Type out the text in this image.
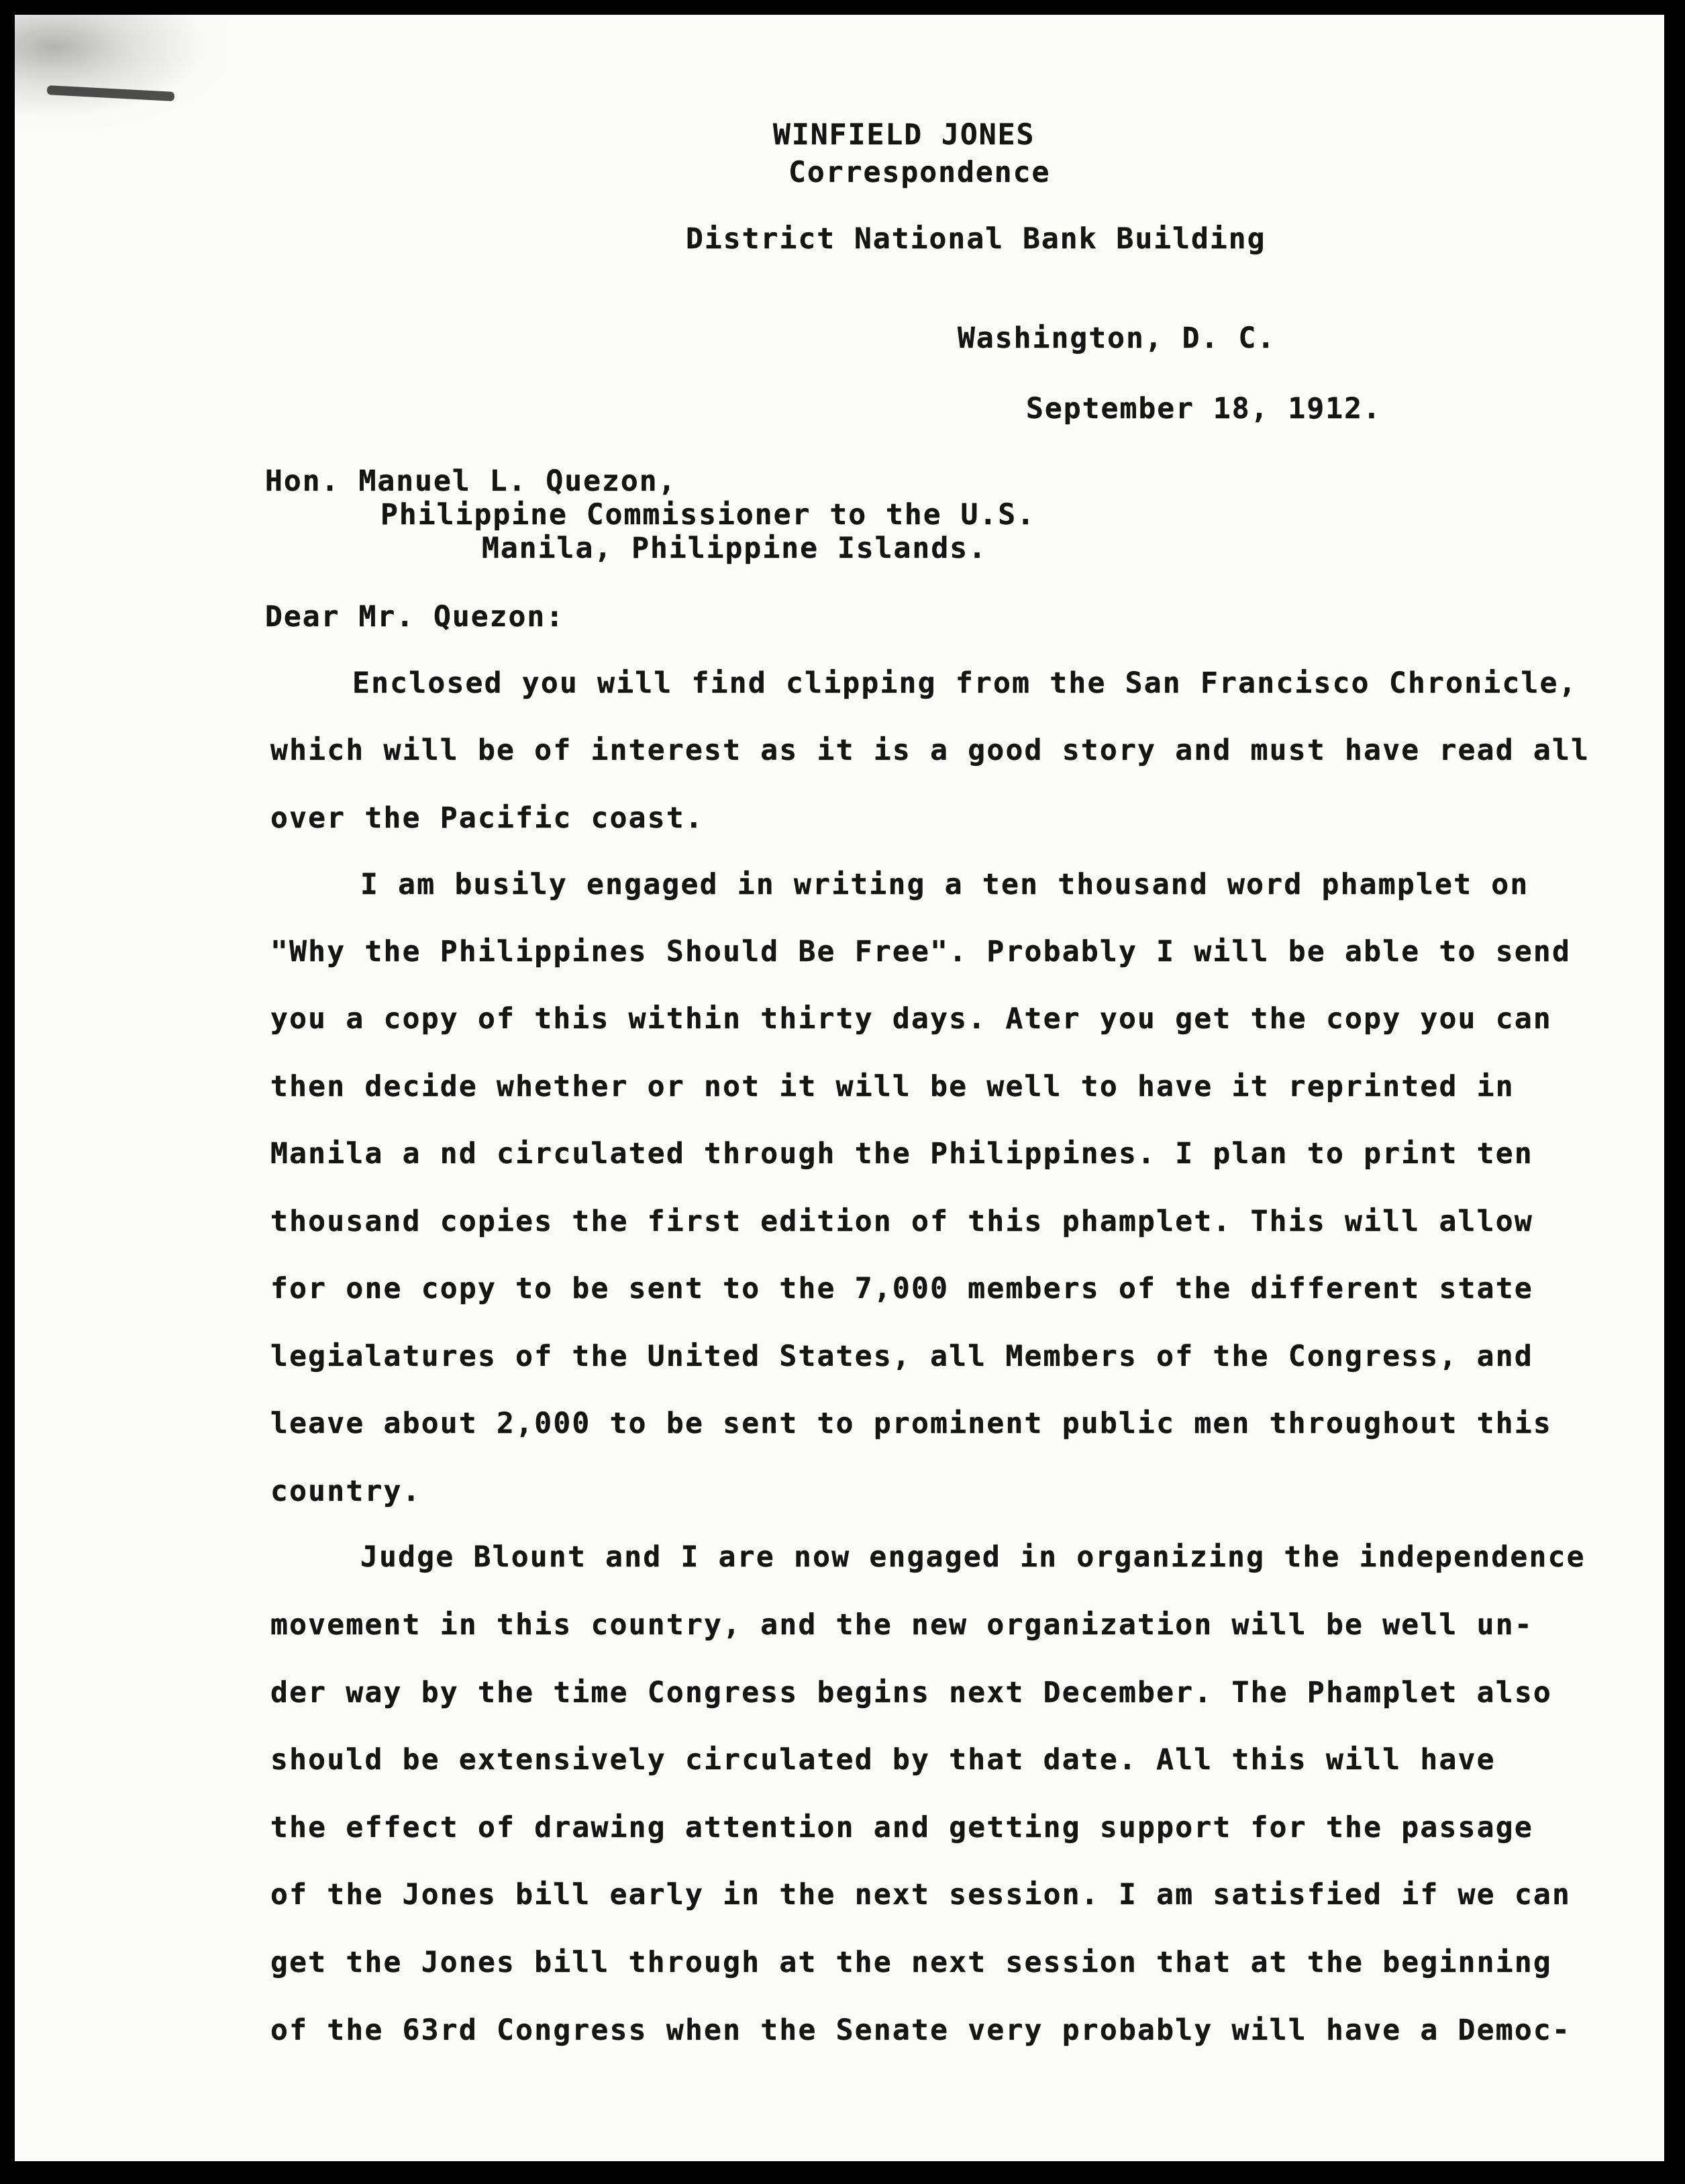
WINFIELD JONES
Correspondence
District National Bank Building
Washington, D. C.
September 18, 1912.
Hon. Manuel L. Quezon,
Philippine Commissioner to the U.S.
Manila, Philippine Islands.
Dear Mr. Quezon:
Enclosed you will find clipping from the San Francisco Chronicle,
which will be of interest as it is a good story and must have read all
over the Pacific coast.
I am busily engaged in writing a ten thousand word phamplet on
"Why the Philippines Should Be Free". Probably I will be able to send
you a copy of this within thirty days. Ater you get the copy you can
then decide whether or not it will be well to have it reprinted in
Manila a nd circulated through the Philippines. I plan to print ten
thousand copies the first edition of this phamplet. This will allow
for one copy to be sent to the 7,000 members of the different state
legialatures of the United States, all Members of the Congress, and
leave about 2,000 to be sent to prominent public men throughout this
country.
Judge Blount and I are now engaged in organizing the independence
movement in this country, and the new organization will be well un-
der way by the time Congress begins next December. The Phamplet also
should be extensively circulated by that date. All this will have
the effect of drawing attention and getting support for the passage
of the Jones bill early in the next session. I am satisfied if we can
get the Jones bill through at the next session that at the beginning
of the 63rd Congress when the Senate very probably will have a Democ-
